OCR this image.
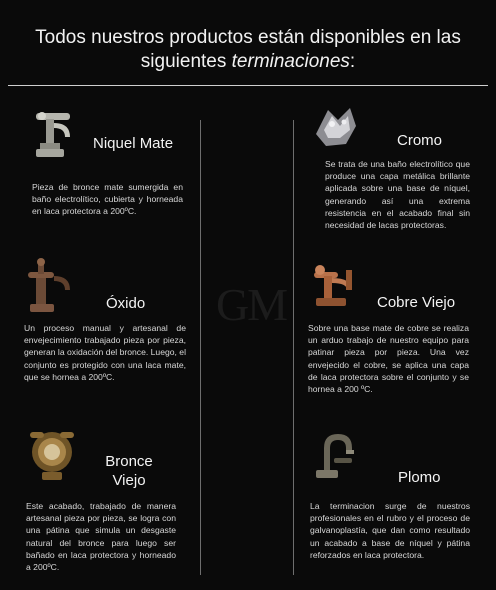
Todos nuestros productos están disponibles en las
siguientes terminaciones:
GM
Niquel Mate
Pieza de bronce mate sumergida en baño electrolítico, cubierta y horneada en laca protectora a 200ºC.
Cromo
Se trata de una baño electrolítico que produce una capa metálica brillante aplicada sobre una base de níquel, generando así una extrema resistencia en el acabado final sin necesidad de lacas protectoras.
Óxido
Un proceso manual y artesanal de envejecimiento trabajado pieza por pieza, generan la oxidación del bronce. Luego, el conjunto es protegido con una laca mate, que se hornea a 200ºC.
Cobre Viejo
Sobre una base mate de cobre se realiza un arduo trabajo de nuestro equipo para patinar pieza por pieza. Una vez envejecido el cobre, se aplica una capa de laca protectora sobre el conjunto y se hornea a 200 ºC.
Bronce
Viejo
Este acabado, trabajado de manera artesanal pieza por pieza, se logra con una pátina que simula un desgaste natural del bronce para luego ser bañado en laca protectora y horneado a 200ºC.
Plomo
La terminacion surge de nuestros profesionales en el rubro y el proceso de galvanoplastía, que dan como resultado un acabado a base de níquel y pátina reforzados en laca protectora.
